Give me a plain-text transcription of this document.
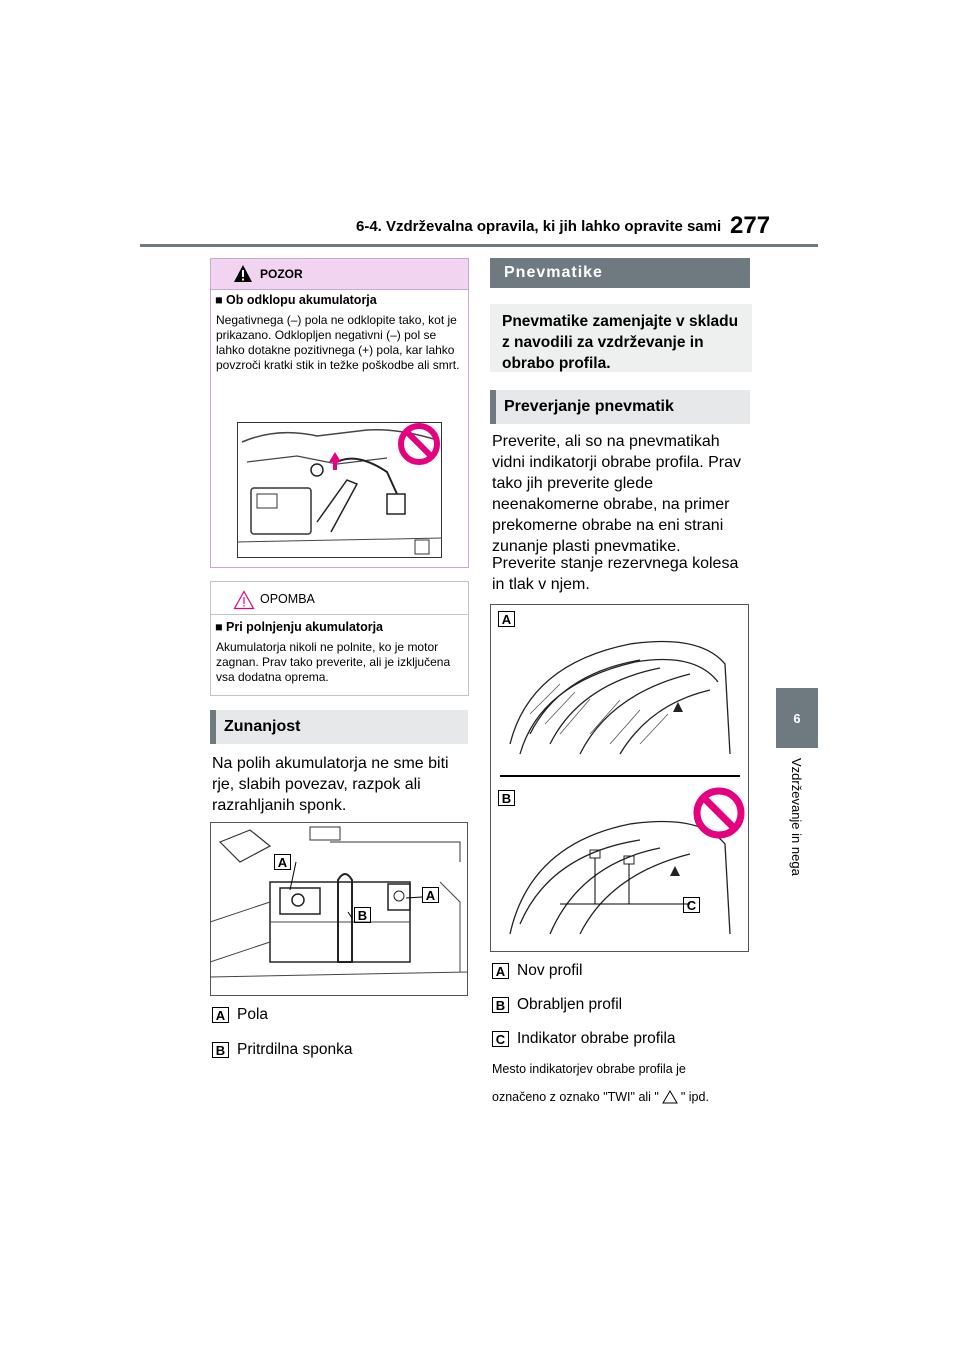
6-4. Vzdrževalna opravila, ki jih lahko opravite sami 277
6
Vzdrževanje in nega
POZOR
■ Ob odklopu akumulatorja
Negativnega (–) pola ne odklopite tako, kot je prikazano. Odklopljen negativni (–) pol se lahko dotakne pozitivnega (+) pola, kar lahko povzroči kratki stik in težke poškodbe ali smrt.
OPOMBA
■ Pri polnjenju akumulatorja
Akumulatorja nikoli ne polnite, ko je motor zagnan. Prav tako preverite, ali je izključena vsa dodatna oprema.
Zunanjost
Na polih akumulatorja ne sme biti rje, slabih povezav, razpok ali razrahljanih sponk.
A
A
B
A Pola
B Pritrdilna sponka
Pnevmatike
Pnevmatike zamenjajte v skladu z navodili za vzdrževanje in obrabo profila.
Preverjanje pnevmatik
Preverite, ali so na pnevmatikah vidni indikatorji obrabe profila. Prav tako jih preverite glede neenakomerne obrabe, na primer prekomerne obrabe na eni strani zunanje plasti pnevmatike.
Preverite stanje rezervnega kolesa in tlak v njem.
A
B
C
A Nov profil
B Obrabljen profil
C Indikator obrabe profila
Mesto indikatorjev obrabe profila je
označeno z oznako "TWI" ali " " ipd.
